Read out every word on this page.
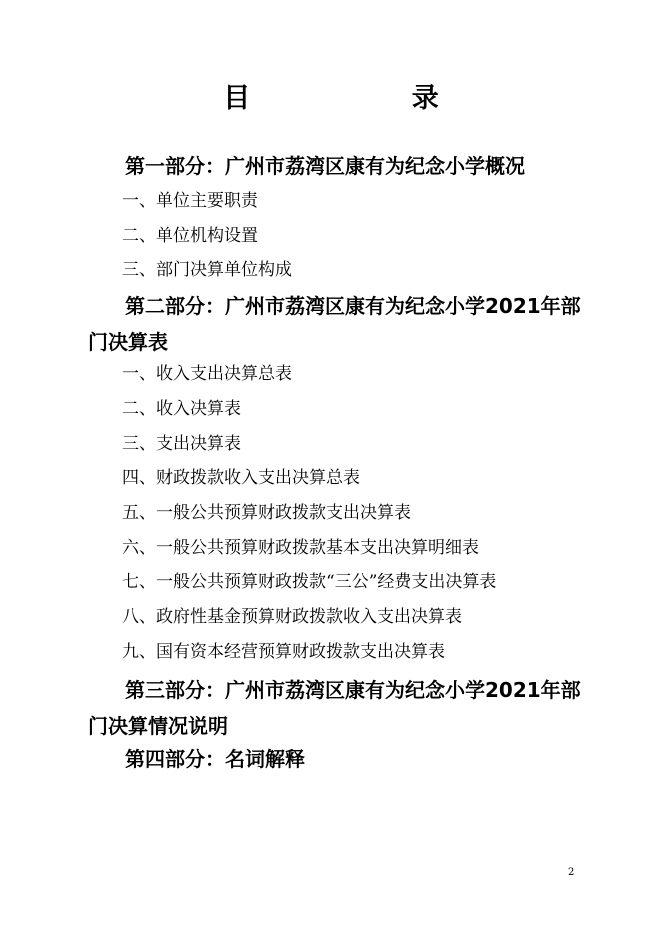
目 录
第一部分：广州市荔湾区康有为纪念小学概况
一、单位主要职责
二、单位机构设置
三、部门决算单位构成
第二部分：广州市荔湾区康有为纪念小学2021年部门决算表
一、收入支出决算总表
二、收入决算表
三、支出决算表
四、财政拨款收入支出决算总表
五、一般公共预算财政拨款支出决算表
六、一般公共预算财政拨款基本支出决算明细表
七、一般公共预算财政拨款“三公”经费支出决算表
八、政府性基金预算财政拨款收入支出决算表
九、国有资本经营预算财政拨款支出决算表
第三部分：广州市荔湾区康有为纪念小学2021年部门决算情况说明
第四部分：名词解释
2
